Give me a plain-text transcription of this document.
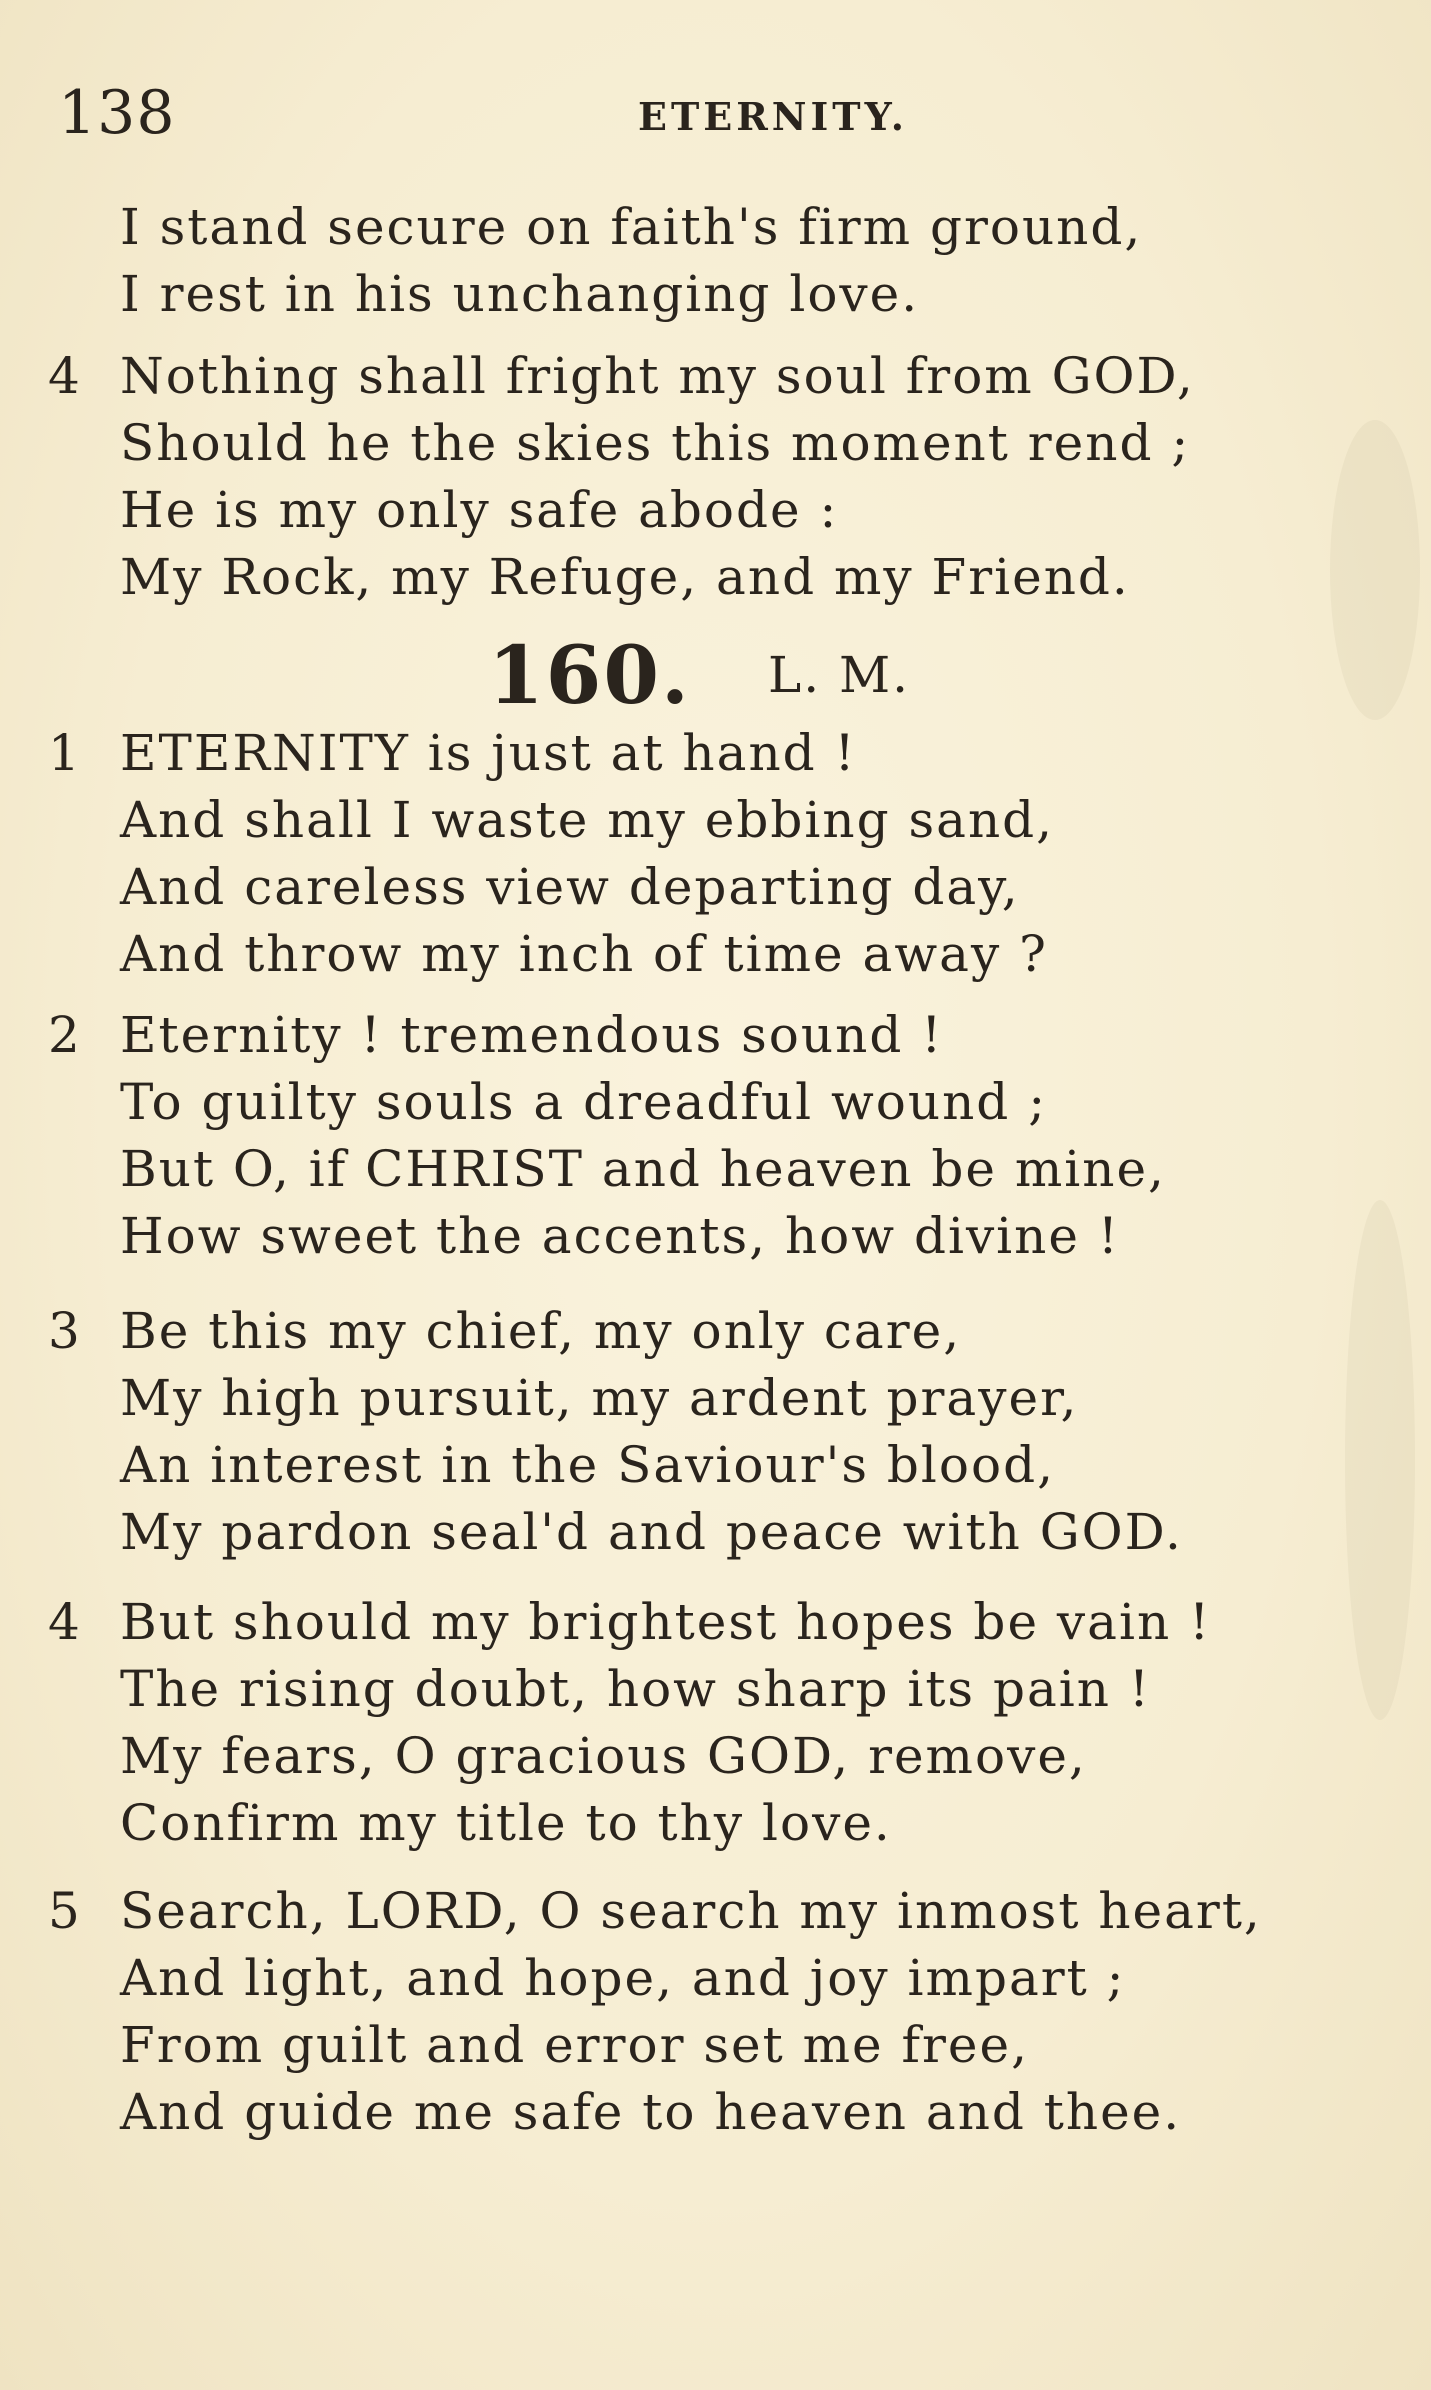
138	ETERNITY.
I stand secure on faith's firm ground,
I rest in his unchanging love.
4 Nothing shall fright my soul from GOD,
Should he the skies this moment rend ;
He is my only safe abode :
My Rock, my Refuge, and my Friend.
160. L. M.
1 ETERNITY is just at hand !
And shall I waste my ebbing sand,
And careless view departing day,
And throw my inch of time away ?
2 Eternity ! tremendous sound !
To guilty souls a dreadful wound ;
But O, if CHRIST and heaven be mine,
How sweet the accents, how divine !
3 Be this my chief, my only care,
My high pursuit, my ardent prayer,
An interest in the Saviour's blood,
My pardon seal'd and peace with GOD.
4 But should my brightest hopes be vain !
The rising doubt, how sharp its pain !
My fears, O gracious GOD, remove,
Confirm my title to thy love.
5 Search, LORD, O search my inmost heart,
And light, and hope, and joy impart ;
From guilt and error set me free,
And guide me safe to heaven and thee.
